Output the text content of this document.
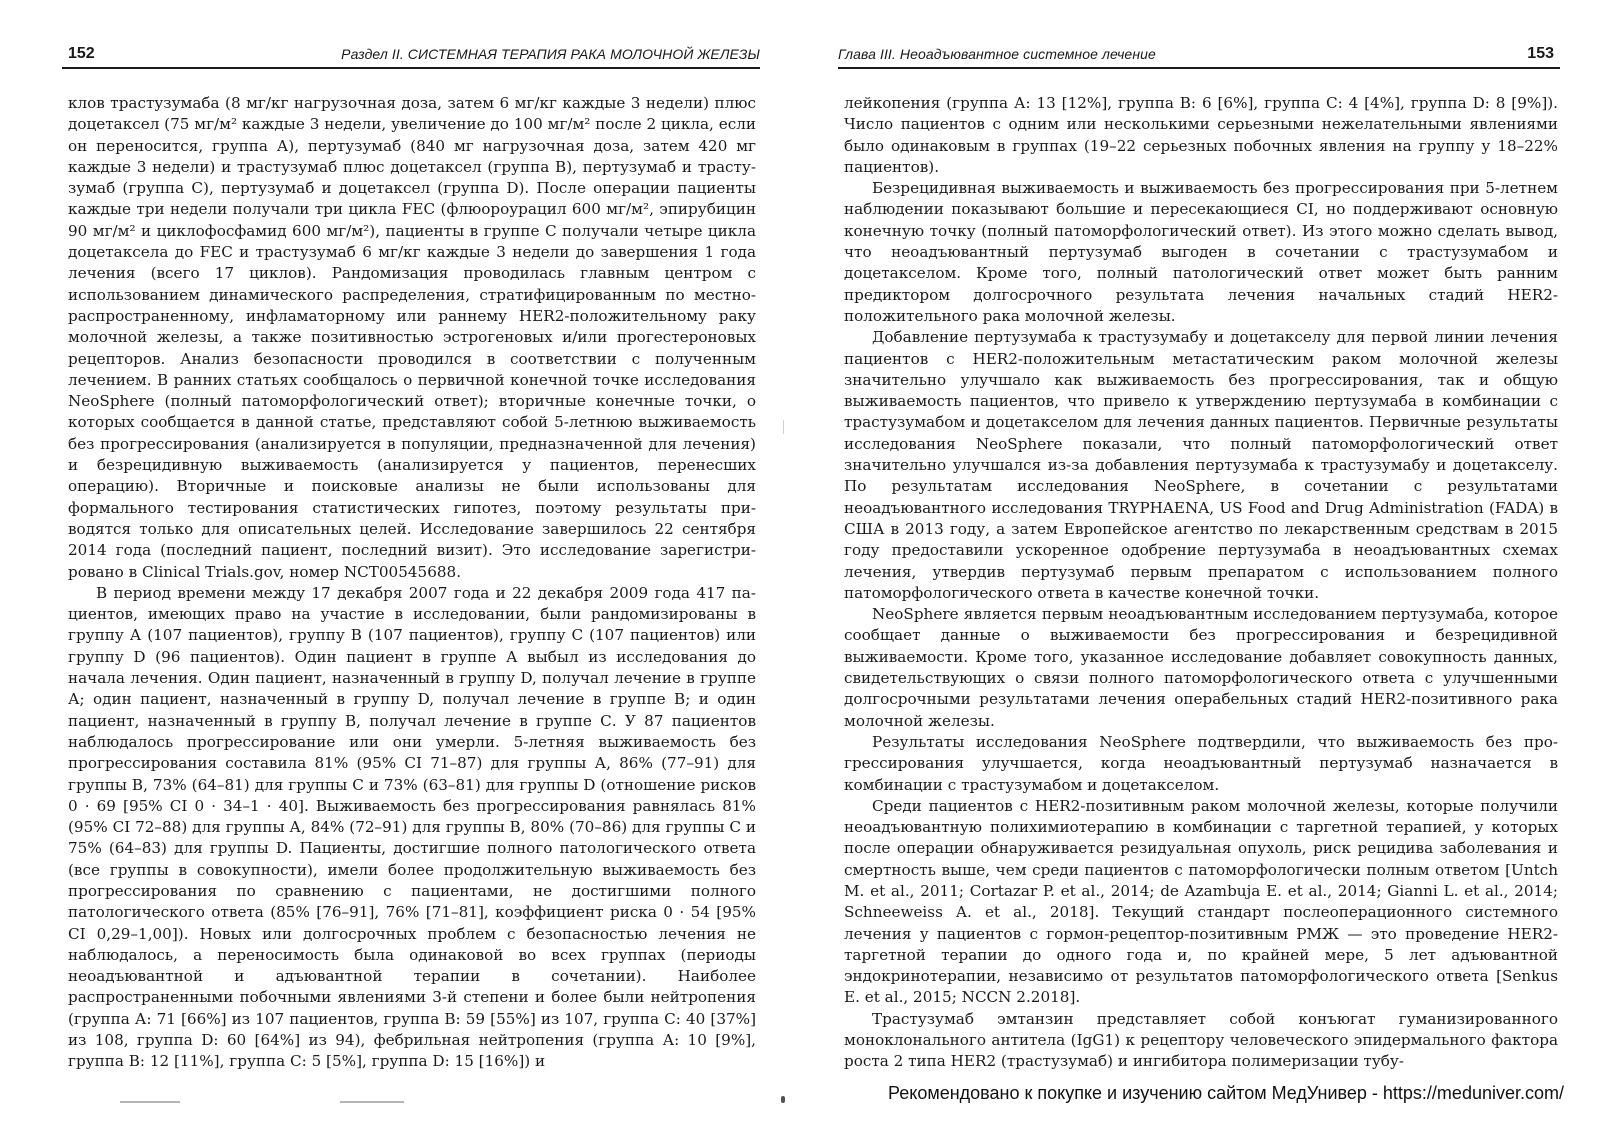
152	Раздел II. СИСТЕМНАЯ ТЕРАПИЯ РАКА МОЛОЧНОЙ ЖЕЛЕЗЫ

клов трастузумаба (8 мг/кг нагрузочная доза, затем 6 мг/кг каждые 3 недели) плюс доцетаксел (75 мг/м² каждые 3 недели, увеличение до 100 мг/м² после 2 цикла, если он переносится, группа А), пертузумаб (840 мг нагрузочная доза, затем 420 мг каждые 3 недели) и трастузумаб плюс доцетаксел (группа В), пертузумаб и трастузумаб (группа С), пертузумаб и доцетаксел (группа D). После операции пациенты каждые три недели получали три цикла FEC (флюороурацил 600 мг/м², эпирубицин 90 мг/м² и циклофосфамид 600 мг/м²), пациенты в группе С получали четыре цикла доцетаксела до FEC и трастузумаб 6 мг/кг каждые 3 недели до завершения 1 года лечения (всего 17 циклов). Рандомизация проводилась главным центром с использованием динамического распределения, стратифицированным по местно-распространенному, инфламаторному или раннему HER2-положительному раку молочной железы, а также позитивностью эстрогеновых и/или прогестероновых рецепторов. Анализ безопасности проводился в соответствии с полученным лечением. В ранних статьях сообщалось о первичной конечной точке исследования NeoSphere (полный патоморфологический ответ); вторичные конечные точки, о которых сообщается в данной статье, представляют собой 5-летнюю выживаемость без прогрессирования (анализируется в популяции, предназначенной для лечения) и безрецидивную выживаемость (анализируется у пациентов, перенесших операцию). Вторичные и поисковые анализы не были использованы для формального тестирования статистических гипотез, поэтому результаты приводятся только для описательных целей. Исследование завершилось 22 сентября 2014 года (последний пациент, последний визит). Это исследование зарегистрировано в Clinical Trials.gov, номер NCT00545688.

В период времени между 17 декабря 2007 года и 22 декабря 2009 года 417 пациентов, имеющих право на участие в исследовании, были рандомизированы в группу А (107 пациентов), группу В (107 пациентов), группу С (107 пациентов) или группу D (96 пациентов). Один пациент в группе А выбыл из исследования до начала лечения. Один пациент, назначенный в группу D, получал лечение в группе А; один пациент, назначенный в группу D, получал лечение в группе В; и один пациент, назначенный в группу В, получал лечение в группе С. У 87 пациентов наблюдалось прогрессирование или они умерли. 5-летняя выживаемость без прогрессирования составила 81% (95% CI 71–87) для группы А, 86% (77–91) для группы В, 73% (64–81) для группы С и 73% (63–81) для группы D (отношение рисков 0 · 69 [95% CI 0 · 34–1 · 40]. Выживаемость без прогрессирования равнялась 81% (95% CI 72–88) для группы А, 84% (72–91) для группы В, 80% (70–86) для группы С и 75% (64–83) для группы D. Пациенты, достигшие полного патологического ответа (все группы в совокупности), имели более продолжительную выживаемость без прогрессирования по сравнению с пациентами, не достигшими полного патологического ответа (85% [76–91], 76% [71–81], коэффициент риска 0 · 54 [95% CI 0,29–1,00]). Новых или долгосрочных проблем с безопасностью лечения не наблюдалось, а переносимость была одинаковой во всех группах (периоды неоадъювантной и адъювантной терапии в сочетании). Наиболее распространенными побочными явлениями 3-й степени и более были нейтропения (группа А: 71 [66%] из 107 пациентов, группа В: 59 [55%] из 107, группа С: 40 [37%] из 108, группа D: 60 [64%] из 94), фебрильная нейтропения (группа А: 10 [9%], группа В: 12 [11%], группа С: 5 [5%], группа D: 15 [16%]) и

Глава III. Неоадъювантное системное лечение	153

лейкопения (группа А: 13 [12%], группа В: 6 [6%], группа С: 4 [4%], группа D: 8 [9%]). Число пациентов с одним или несколькими серьезными нежелательными явлениями было одинаковым в группах (19–22 серьезных побочных явления на группу у 18–22% пациентов).

Безрецидивная выживаемость и выживаемость без прогрессирования при 5-летнем наблюдении показывают большие и пересекающиеся CI, но поддерживают основную конечную точку (полный патоморфологический ответ). Из этого можно сделать вывод, что неоадъювантный пертузумаб выгоден в сочетании с трастузумабом и доцетакселом. Кроме того, полный патологический ответ может быть ранним предиктором долгосрочного результата лечения начальных стадий HER2-положительного рака молочной железы.

Добавление пертузумаба к трастузумабу и доцетакселу для первой линии лечения пациентов с HER2-положительным метастатическим раком молочной железы значительно улучшало как выживаемость без прогрессирования, так и общую выживаемость пациентов, что привело к утверждению пертузумаба в комбинации с трастузумабом и доцетакселом для лечения данных пациентов. Первичные результаты исследования NeoSphere показали, что полный патоморфологический ответ значительно улучшался из-за добавления пертузумаба к трастузумабу и доцетакселу. По результатам исследования NeoSphere, в сочетании с результатами неоадъювантного исследования TRYPHAENA, US Food and Drug Administration (FADA) в США в 2013 году, а затем Европейское агентство по лекарственным средствам в 2015 году предоставили ускоренное одобрение пертузумаба в неоадъювантных схемах лечения, утвердив пертузумаб первым препаратом с использованием полного патоморфологического ответа в качестве конечной точки.

NeoSphere является первым неоадъювантным исследованием пертузумаба, которое сообщает данные о выживаемости без прогрессирования и безрецидивной выживаемости. Кроме того, указанное исследование добавляет совокупность данных, свидетельствующих о связи полного патоморфологического ответа с улучшенными долгосрочными результатами лечения операбельных стадий HER2-позитивного рака молочной железы.

Результаты исследования NeoSphere подтвердили, что выживаемость без прогрессирования улучшается, когда неоадъювантный пертузумаб назначается в комбинации с трастузумабом и доцетакселом.

Среди пациентов с HER2-позитивным раком молочной железы, которые получили неоадъювантную полихимиотерапию в комбинации с таргетной терапией, у которых после операции обнаруживается резидуальная опухоль, риск рецидива заболевания и смертность выше, чем среди пациентов с патоморфологически полным ответом [Untch M. et al., 2011; Cortazar P. et al., 2014; de Azambuja E. et al., 2014; Gianni L. et al., 2014; Schneeweiss A. et al., 2018]. Текущий стандарт послеоперационного системного лечения у пациентов с гормон-рецептор-позитивным РМЖ — это проведение HER2-таргетной терапии до одного года и, по крайней мере, 5 лет адъювантной эндокринотерапии, независимо от результатов патоморфологического ответа [Senkus E. et al., 2015; NCCN 2.2018].

Трастузумаб эмтанзин представляет собой конъюгат гуманизированного моноклонального антитела (IgG1) к рецептору человеческого эпидермального фактора роста 2 типа HER2 (трастузумаб) и ингибитора полимеризации тубу-

Рекомендовано к покупке и изучению сайтом МедУнивер - https://meduniver.com/
